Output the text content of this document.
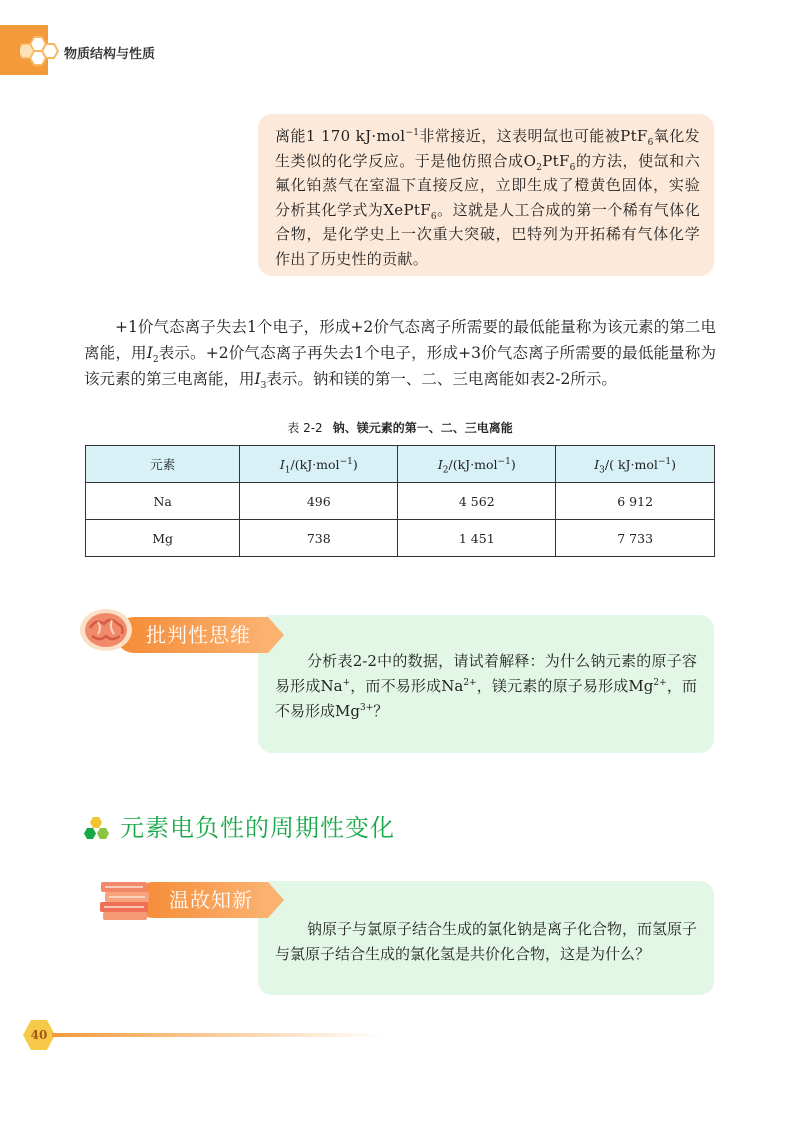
物质结构与性质
离能1 170 kJ·mol$^{-1}$非常接近，这表明氙也可能被PtF$_6$氧化发生类似的化学反应。于是他仿照合成$O_2PtF_6$的方法，使氙和六氟化铂蒸气在室温下直接反应，立即生成了橙黄色固体，实验分析其化学式为XePtF$_6$。这就是人工合成的第一个稀有气体化合物，是化学史上一次重大突破，巴特列为开拓稀有气体化学作出了历史性的贡献。

+1价气态离子失去1个电子，形成+2价气态离子所需要的最低能量称为该元素的第二电离能，用$I_2$表示。+2价气态离子再失去1个电子，形成+3价气态离子所需要的最低能量称为该元素的第三电离能，用$I_3$表示。钠和镁的第一、二、三电离能如表2-2所示。

表 2-2 钠、镁元素的第一、二、三电离能
元素	$I_1/(kJ\cdot mol^{-1})$	$I_2/(kJ\cdot mol^{-1})$	$I_3/$( kJ·mol$^{-1}$)
Na	496	4 562	6 912
Mg	738	1 451	7 733
批判性思维
分析表2-2中的数据，请试着解释：为什么钠元素的原子容易形成Na+，而不易形成$Na^{2+}$，镁元素的原子易形成$Mg^{2+}$，而不易形成$Mg^{3+}$？
元素电负性的周期性变化
温故知新
钠原子与氯原子结合生成的氯化钠是离子化合物，而氢原子与氯原子结合生成的氯化氢是共价化合物，这是为什么？
40
